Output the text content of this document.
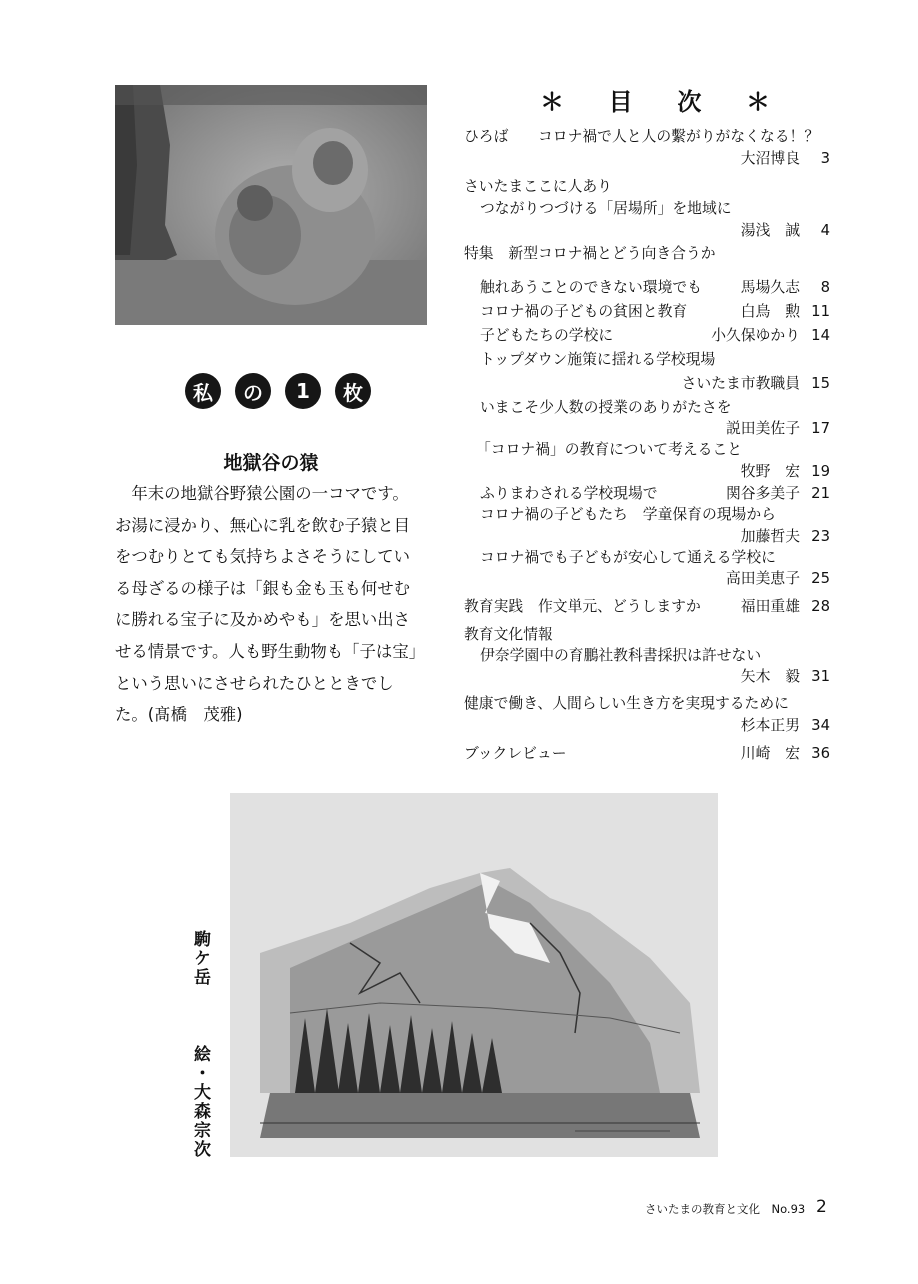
私	の	1	枚
地獄谷の猿
　年末の地獄谷野猿公園の一コマです。
お湯に浸かり、無心に乳を飲む子猿と目
をつむりとても気持ちよさそうにしてい
る母ざるの様子は「銀も金も玉も何せむ
に勝れる宝子に及かめやも」を思い出さ
せる情景です。人も野生動物も「子は宝」
という思いにさせられたひとときでし
た。(髙橋　茂雅)
＊ 目 次 ＊
ひろば　　コロナ禍で人と人の繫がりがなくなる！？
大沼博良	3
さいたまここに人あり
つながりつづける「居場所」を地域に
湯浅　誠	4
特集　新型コロナ禍とどう向き合うか
触れあうことのできない環境でも	馬場久志	8
コロナ禍の子どもの貧困と教育	白鳥　勲 11
子どもたちの学校に	小久保ゆかり 14
トップダウン施策に揺れる学校現場
さいたま市教職員 15
いまこそ少人数の授業のありがたさを
説田美佐子 17
「コロナ禍」の教育について考えること
牧野　宏 19
ふりまわされる学校現場で	関谷多美子 21
コロナ禍の子どもたち　学童保育の現場から
加藤哲夫 23
コロナ禍でも子どもが安心して通える学校に
高田美恵子 25
教育実践　作文単元、どうしますか	福田重雄 28
教育文化情報
伊奈学園中の育鵬社教科書採択は許せない
矢木　毅 31
健康で働き、人間らしい生き方を実現するために
杉本正男 34
ブックレビュー	川崎　宏 36
駒ケ岳
絵・大森宗次
さいたまの教育と文化　No.93 2
